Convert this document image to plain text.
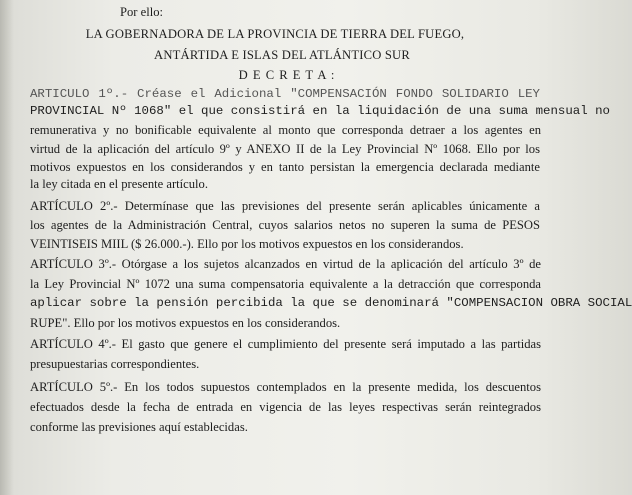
Por ello:
LA GOBERNADORA DE LA PROVINCIA DE TIERRA DEL FUEGO,
ANTÁRTIDA E ISLAS DEL ATLÁNTICO SUR
D E C R E T A :
ARTICULO 1º.- Créase el Adicional "COMPENSACIÓN FONDO SOLIDARIO LEY
PROVINCIAL Nº 1068" el que consistirá en la liquidación de una suma mensual no
remunerativa y no bonificable equivalente al monto que corresponda detraer a los agentes en
virtud de la aplicación del artículo 9º y ANEXO II de la Ley Provincial Nº 1068. Ello por los
motivos expuestos en los considerandos y en tanto persistan la emergencia declarada mediante
la ley citada en el presente artículo.
ARTÍCULO 2º.- Determínase que las previsiones del presente serán aplicables únicamente a
los agentes de la Administración Central, cuyos salarios netos no superen la suma de PESOS
VEINTISEIS MIIL ($ 26.000.-). Ello por los motivos expuestos en los considerandos.
ARTÍCULO 3º.- Otórgase a los sujetos alcanzados en virtud de la aplicación del artículo 3º de
la Ley Provincial Nº 1072 una suma compensatoria equivalente a la detracción que corresponda
aplicar sobre la pensión percibida la que se denominará "COMPENSACION OBRA SOCIAL
RUPE". Ello por los motivos expuestos en los considerandos.
ARTÍCULO 4º.- El gasto que genere el cumplimiento del presente será imputado a las partidas
presupuestarias correspondientes.
ARTÍCULO 5º.- En los todos supuestos contemplados en la presente medida, los descuentos
efectuados desde la fecha de entrada en vigencia de las leyes respectivas serán reintegrados
conforme las previsiones aquí establecidas.
